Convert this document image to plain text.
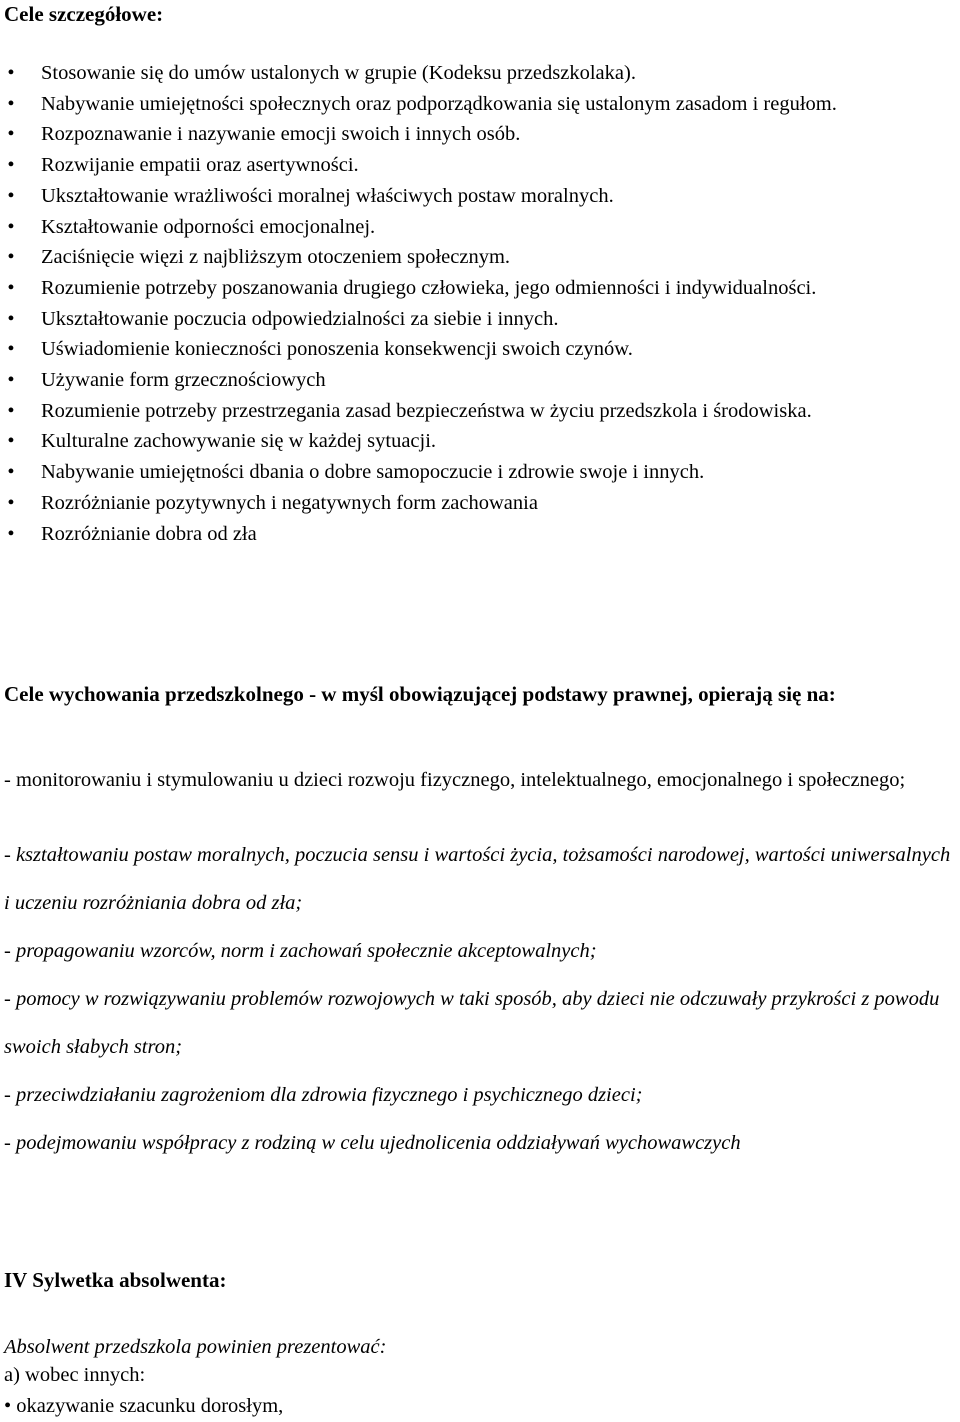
Cele szczegółowe:
• Stosowanie się do umów ustalonych w grupie (Kodeksu przedszkolaka).
• Nabywanie umiejętności społecznych oraz podporządkowania się ustalonym zasadom i regułom.
• Rozpoznawanie i nazywanie emocji swoich i innych osób.
• Rozwijanie empatii oraz asertywności.
• Ukształtowanie wrażliwości moralnej właściwych postaw moralnych.
• Kształtowanie odporności emocjonalnej.
• Zaciśnięcie więzi z najbliższym otoczeniem społecznym.
• Rozumienie potrzeby poszanowania drugiego człowieka, jego odmienności i indywidualności.
• Ukształtowanie poczucia odpowiedzialności za siebie i innych.
• Uświadomienie konieczności ponoszenia konsekwencji swoich czynów.
• Używanie form grzecznościowych
• Rozumienie potrzeby przestrzegania zasad bezpieczeństwa w życiu przedszkola i środowiska.
• Kulturalne zachowywanie się w każdej sytuacji.
• Nabywanie umiejętności dbania o dobre samopoczucie i zdrowie swoje i innych.
• Rozróżnianie pozytywnych i negatywnych form zachowania
• Rozróżnianie dobra od zła
Cele wychowania przedszkolnego - w myśl obowiązującej podstawy prawnej, opierają się na:
- monitorowaniu i stymulowaniu u dzieci rozwoju fizycznego, intelektualnego, emocjonalnego i społecznego;
- kształtowaniu postaw moralnych, poczucia sensu i wartości życia, tożsamości narodowej, wartości uniwersalnych i uczeniu rozróżniania dobra od zła;
- propagowaniu wzorców, norm i zachowań społecznie akceptowalnych;
- pomocy w rozwiązywaniu problemów rozwojowych w taki sposób, aby dzieci nie odczuwały przykrości z powodu swoich słabych stron;
- przeciwdziałaniu zagrożeniom dla zdrowia fizycznego i psychicznego dzieci;
- podejmowaniu współpracy z rodziną w celu ujednolicenia oddziaływań wychowawczych
IV Sylwetka absolwenta:
Absolwent przedszkola powinien prezentować:
a) wobec innych:
• okazywanie szacunku dorosłym,
